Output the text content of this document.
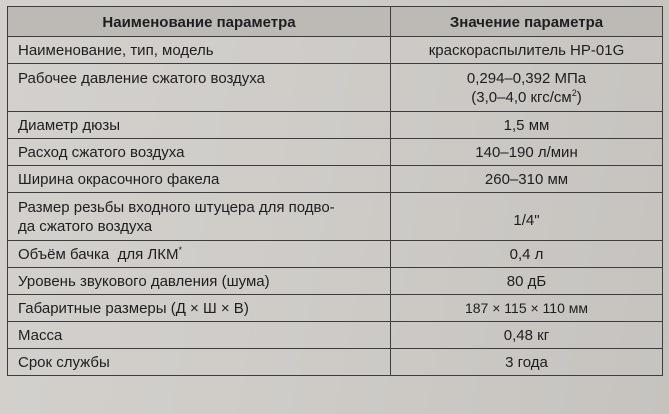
Наименование параметра	Значение параметра
Наименование, тип, модель	краскораспылитель НР-01G
Рабочее давление сжатого воздуха	0,294–0,392 МПа
(3,0–4,0 кгс/$см^2$)

Диаметр дюзы	1,5 мм
Расход сжатого воздуха	140–190 л/мин
Ширина окрасочного факела	260–310 мм

Размер резьбы входного штуцера для подво-
да сжатого воздуха	1/4"
Объём бачка  для ЛКМ*	0,4 л
Уровень звукового давления (шума)	80 дБ
Габаритные размеры (Д × Ш × В)	187 × 115 × 110 мм
Масса	0,48 кг
Срок службы	3 года
